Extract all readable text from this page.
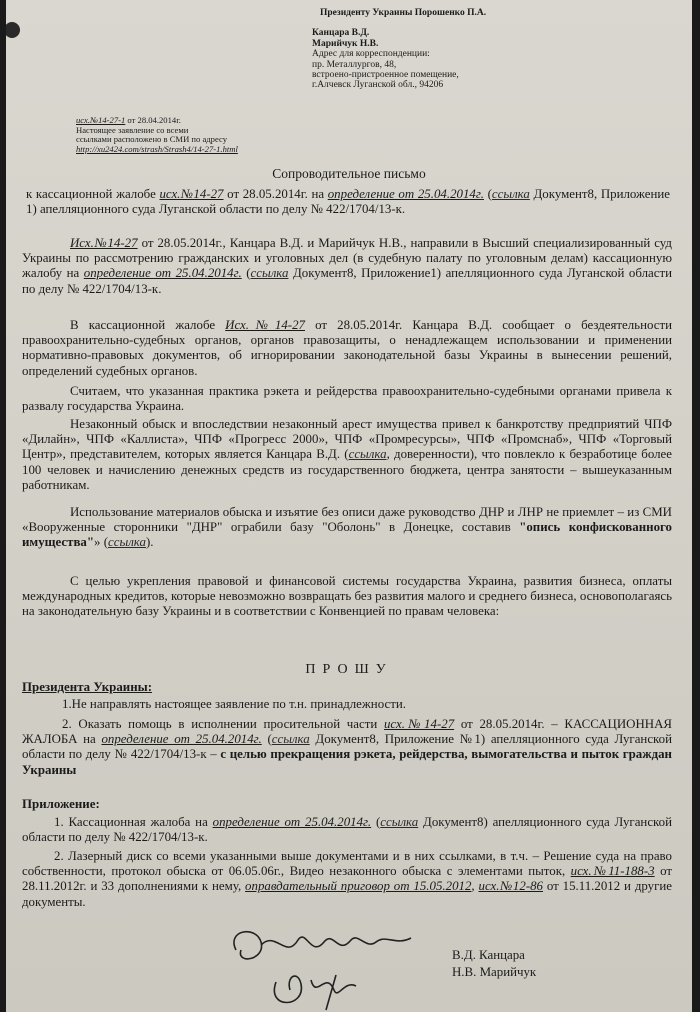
Президенту Украины Порошенко П.А.
Канцара В.Д.
Марийчук Н.В.
Адрес для корреспонденции:
пр. Металлургов, 48,
встроено-пристроенное помещение,
г.Алчевск Луганской обл., 94206
исх.№14-27-1 от 28.04.2014г.
Настоящее заявление со всеми
ссылками расположено в СМИ по адресу
http://xu2424.com/strash/Strash4/14-27-1.html
Сопроводительное письмо
к кассационной жалобе исх.№14-27 от 28.05.2014г. на определение от 25.04.2014г. (ссылка Документ8, Приложение 1) апелляционного суда Луганской области по делу № 422/1704/13-к.
Исх.№14-27 от 28.05.2014г., Канцара В.Д. и Марийчук Н.В., направили в Высший специализированный суд Украины по рассмотрению гражданских и уголовных дел (в судебную палату по уголовным делам) кассационную жалобу на определение от 25.04.2014г. (ссылка Документ8, Приложение1) апелляционного суда Луганской области по делу № 422/1704/13-к.
В кассационной жалобе Исх.№14-27 от 28.05.2014г. Канцара В.Д. сообщает о бездеятельности правоохранительно-судебных органов, органов правозащиты, о ненадлежащем использовании и применении нормативно-правовых документов, об игнорировании законодательной базы Украины в вынесении решений, определений судебных органов.
Считаем, что указанная практика рэкета и рейдерства правоохранительно-судебными органами привела к развалу государства Украина.
Незаконный обыск и впоследствии незаконный арест имущества привел к банкротству предприятий ЧПФ «Дилайн», ЧПФ «Каллиста», ЧПФ «Прогресс 2000», ЧПФ «Промресурсы», ЧПФ «Промснаб», ЧПФ «Торговый Центр», представителем, которых является Канцара В.Д. (ссылка, доверенности), что повлекло к безработице более 100 человек и начислению денежных средств из государственного бюджета, центра занятости – вышеуказанным работникам.
Использование материалов обыска и изъятие без описи даже руководство ДНР и ЛНР не приемлет – из СМИ «Вооруженные сторонники "ДНР" ограбили базу "Оболонь" в Донецке, составив "опись конфискованного имущества"» (ссылка).
С целью укрепления правовой и финансовой системы государства Украина, развития бизнеса, оплаты международных кредитов, которые невозможно возвращать без развития малого и среднего бизнеса, основополагаясь на законодательную базу Украины и в соответствии с Конвенцией по правам человека:
ПРОШУ
Президента Украины:
1.Не направлять настоящее заявление по т.н. принадлежности.
2. Оказать помощь в исполнении просительной части исх.№14-27 от 28.05.2014г. – КАССАЦИОННАЯ ЖАЛОБА на определение от 25.04.2014г. (ссылка Документ8, Приложение №1) апелляционного суда Луганской области по делу № 422/1704/13-к – с целью прекращения рэкета, рейдерства, вымогательства и пыток граждан Украины
Приложение:
1. Кассационная жалоба на определение от 25.04.2014г. (ссылка Документ8) апелляционного суда Луганской области по делу № 422/1704/13-к.
2. Лазерный диск со всеми указанными выше документами и в них ссылками, в т.ч. – Решение суда на право собственности, протокол обыска от 06.05.06г., Видео незаконного обыска с элементами пыток, исх.№11-188-3 от 28.11.2012г. и 33 дополнениями к нему, оправдательный приговор от 15.05.2012, исх.№12-86 от 15.11.2012 и другие документы.
В.Д. Канцара
Н.В. Марийчук
